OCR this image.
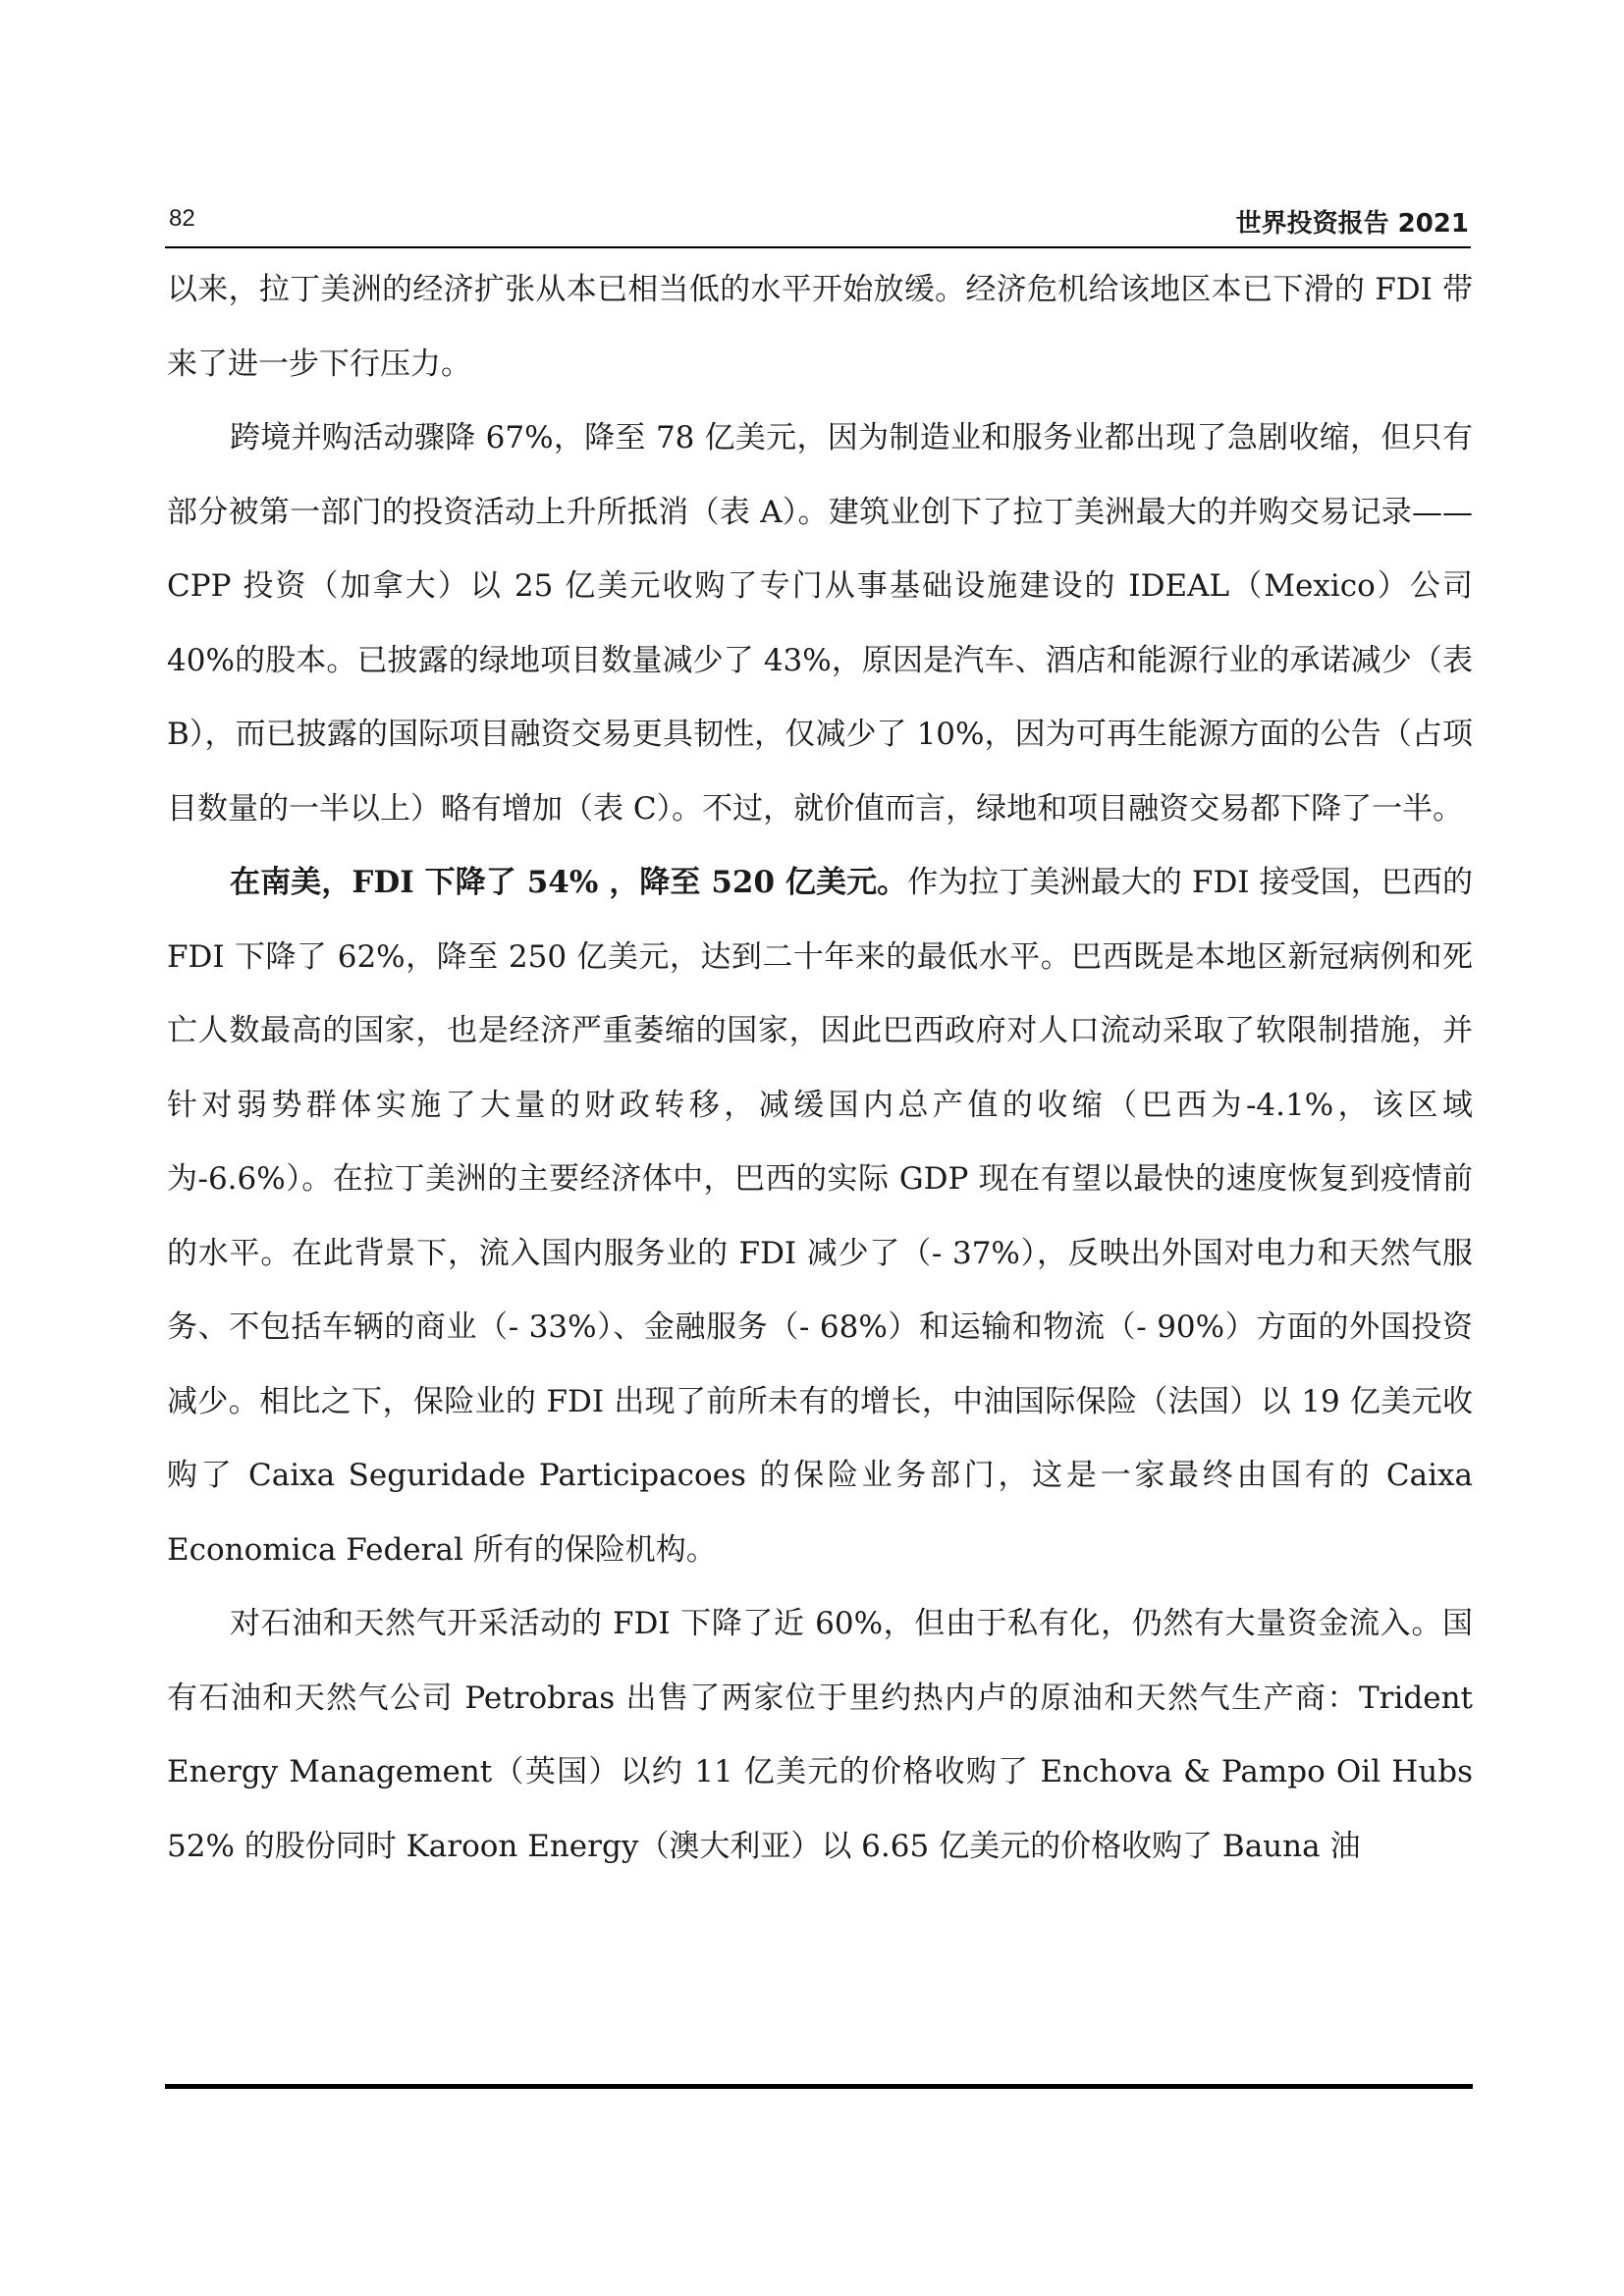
82	世界投资报告 2021

以来，拉丁美洲的经济扩张从本已相当低的水平开始放缓。经济危机给该地区本已下滑的 FDI 带来了进一步下行压力。

跨境并购活动骤降 67%，降至 78 亿美元，因为制造业和服务业都出现了急剧收缩，但只有部分被第一部门的投资活动上升所抵消（表 A）。建筑业创下了拉丁美洲最大的并购交易记录——CPP 投资（加拿大）以 25 亿美元收购了专门从事基础设施建设的 IDEAL（Mexico）公司 40%的股本。已披露的绿地项目数量减少了 43%，原因是汽车、酒店和能源行业的承诺减少（表 B），而已披露的国际项目融资交易更具韧性，仅减少了 10%，因为可再生能源方面的公告（占项目数量的一半以上）略有增加（表 C）。不过，就价值而言，绿地和项目融资交易都下降了一半。

在南美，FDI 下降了 54% ，降至 520 亿美元。作为拉丁美洲最大的 FDI 接受国，巴西的 FDI 下降了 62%，降至 250 亿美元，达到二十年来的最低水平。巴西既是本地区新冠病例和死亡人数最高的国家，也是经济严重萎缩的国家，因此巴西政府对人口流动采取了软限制措施，并针对弱势群体实施了大量的财政转移，减缓国内总产值的收缩（巴西为-4.1%，该区域为-6.6%）。在拉丁美洲的主要经济体中，巴西的实际 GDP 现在有望以最快的速度恢复到疫情前的水平。在此背景下，流入国内服务业的 FDI 减少了（- 37%），反映出外国对电力和天然气服务、不包括车辆的商业（- 33%）、金融服务（- 68%）和运输和物流（- 90%）方面的外国投资减少。相比之下，保险业的 FDI 出现了前所未有的增长，中油国际保险（法国）以 19 亿美元收购了 Caixa Seguridade Participacoes 的保险业务部门，这是一家最终由国有的 Caixa Economica Federal 所有的保险机构。

对石油和天然气开采活动的 FDI 下降了近 60%，但由于私有化，仍然有大量资金流入。国有石油和天然气公司 Petrobras 出售了两家位于里约热内卢的原油和天然气生产商：Trident Energy Management（英国）以约 11 亿美元的价格收购了 Enchova & Pampo Oil Hubs 52% 的股份同时 Karoon Energy（澳大利亚）以 6.65 亿美元的价格收购了 Bauna 油
